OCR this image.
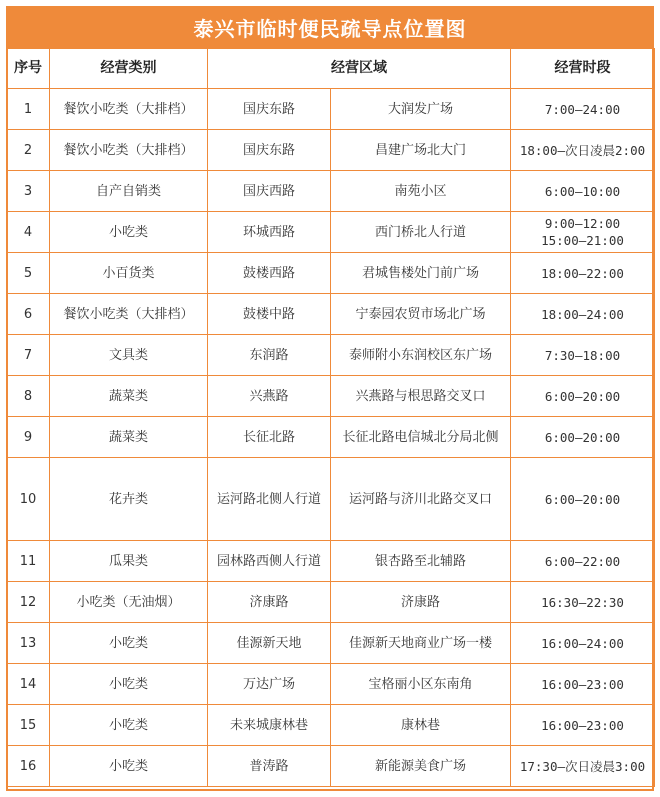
泰兴市临时便民疏导点位置图
序号	经营类别	经营区域		经营时段
1	餐饮小吃类（大排档）	国庆东路	大润发广场	7:00—24:00

2	餐饮小吃类（大排档）	国庆东路	昌建广场北大门	18:00—次日凌晨2:00

3	自产自销类	国庆西路	南苑小区	6:00—10:00

4	小吃类	环城西路	西门桥北人行道	9:00—12:00
15:00—21:00

5	小百货类	鼓楼西路	君城售楼处门前广场	18:00—22:00

6	餐饮小吃类（大排档）	鼓楼中路	宁泰园农贸市场北广场	18:00—24:00

7	文具类	东润路	泰师附小东润校区东广场	7:30—18:00

8	蔬菜类	兴燕路	兴燕路与根思路交叉口	6:00—20:00

9	蔬菜类	长征北路	长征北路电信城北分局北侧	6:00—20:00

10	花卉类	运河路北侧人行道	运河路与济川北路交叉口	6:00—20:00

11	瓜果类	园林路西侧人行道	银杏路至北辅路	6:00—22:00

12	小吃类（无油烟）	济康路	济康路	16:30—22:30

13	小吃类	佳源新天地	佳源新天地商业广场一楼	16:00—24:00

14	小吃类	万达广场	宝格丽小区东南角	16:00—23:00

15	小吃类	未来城康林巷	康林巷	16:00—23:00

16	小吃类	普涛路	新能源美食广场	17:30—次日凌晨3:00
